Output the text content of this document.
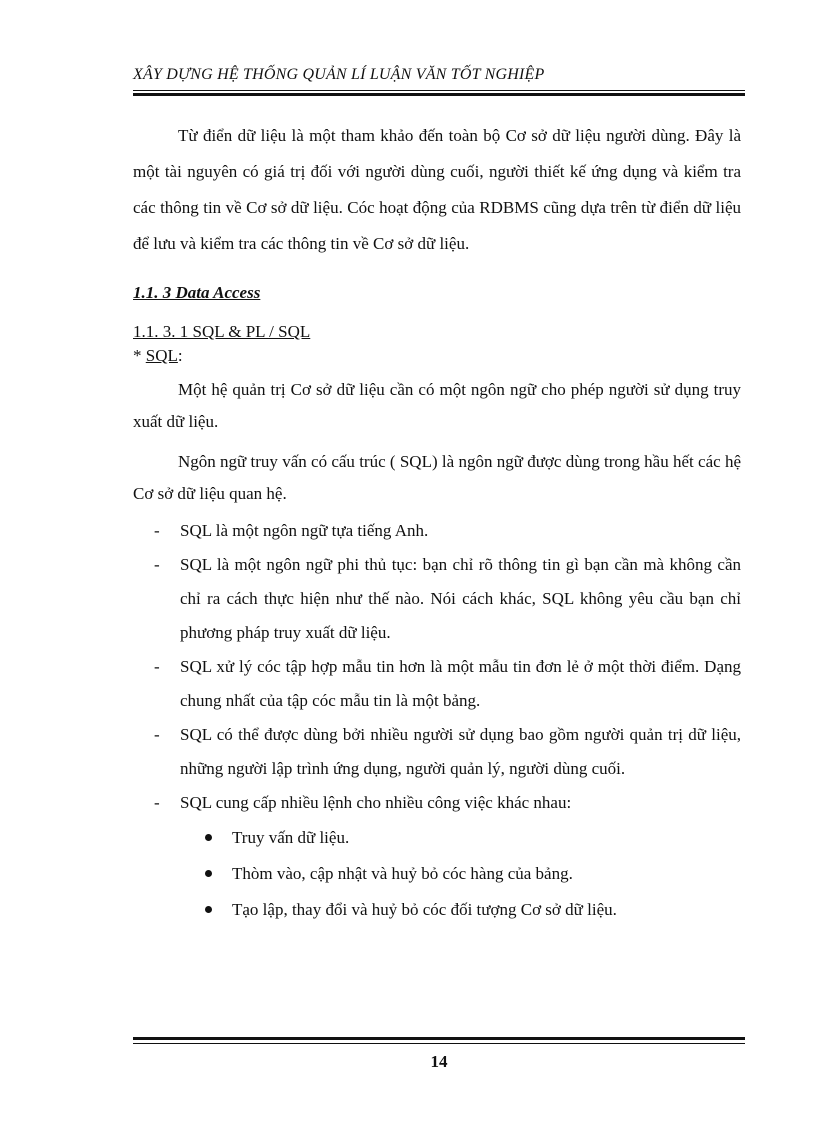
XÂY DỰNG HỆ THỐNG QUẢN LÍ LUẬN VĂN TỐT NGHIỆP

Từ điển dữ liệu là một tham khảo đến toàn bộ Cơ sở dữ liệu người dùng. Đây là một tài nguyên có giá trị đối với người dùng cuối, người thiết kế ứng dụng và kiểm tra các thông tin về Cơ sở dữ liệu. Cóc hoạt động của RDBMS cũng dựa trên từ điển dữ liệu để lưu và kiểm tra các thông tin về Cơ sở dữ liệu.

1.1. 3 Data Access

1.1. 3. 1 SQL & PL / SQL

* SQL:

Một hệ quản trị Cơ sở dữ liệu cần có một ngôn ngữ cho phép người sử dụng truy xuất dữ liệu.

Ngôn ngữ truy vấn có cấu trúc ( SQL) là ngôn ngữ được dùng trong hầu hết các hệ Cơ sở dữ liệu quan hệ.

- SQL là một ngôn ngữ tựa tiếng Anh.
- SQL là một ngôn ngữ phi thủ tục: bạn chỉ rõ thông tin gì bạn cần mà không cần chỉ ra cách thực hiện như thế nào. Nói cách khác, SQL không yêu cầu bạn chỉ phương pháp truy xuất dữ liệu.
- SQL xử lý cóc tập hợp mẫu tin hơn là một mẫu tin đơn lẻ ở một thời điểm. Dạng chung nhất của tập cóc mẫu tin là một bảng.
- SQL có thể được dùng bởi nhiều người sử dụng bao gồm người quản trị dữ liệu, những người lập trình ứng dụng, người quản lý, người dùng cuối.
- SQL cung cấp nhiều lệnh cho nhiều công việc khác nhau:
Truy vấn dữ liệu.
Thòm vào, cập nhật và huỷ bỏ cóc hàng của bảng.
Tạo lập, thay đổi và huỷ bỏ cóc đối tượng Cơ sở dữ liệu.
14
